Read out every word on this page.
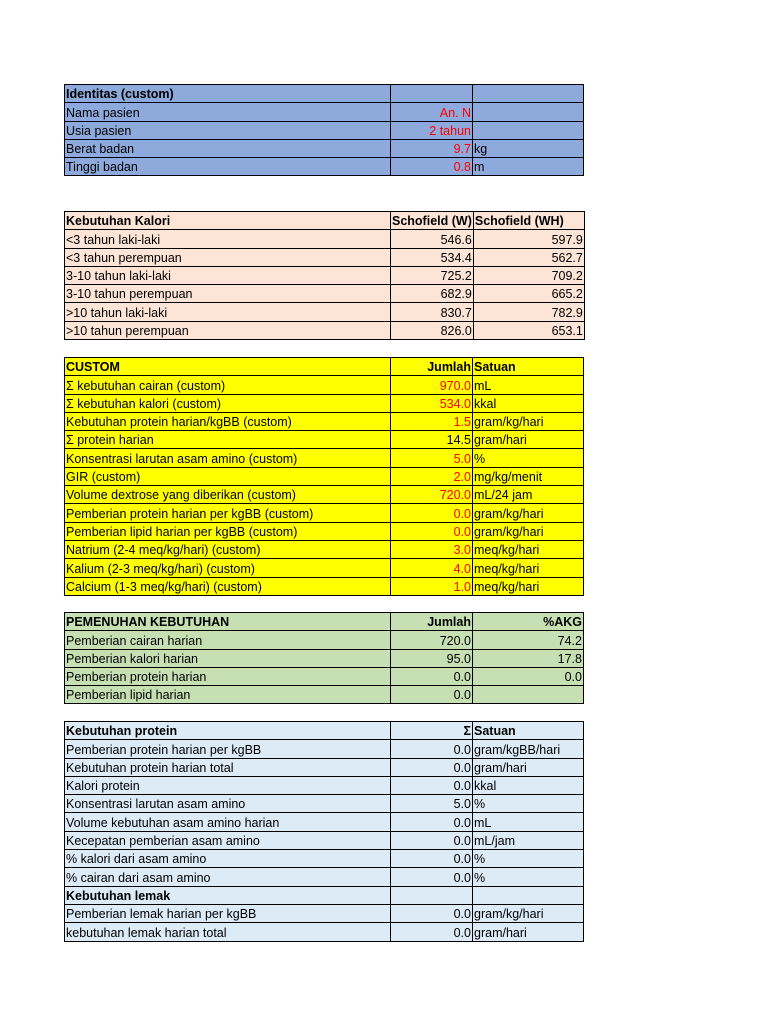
Identitas (custom)		
Nama pasien	An. N	
Usia pasien	2 tahun	
Berat badan	9.7	kg
Tinggi badan	0.8	m
Kebutuhan Kalori	Schofield (W)	Schofield (WH)
<3 tahun laki-laki	546.6	597.9
<3 tahun perempuan	534.4	562.7
3-10 tahun laki-laki	725.2	709.2
3-10 tahun perempuan	682.9	665.2
>10 tahun laki-laki	830.7	782.9
>10 tahun perempuan	826.0	653.1
CUSTOM	Jumlah	Satuan
Σ kebutuhan cairan (custom)	970.0	mL
Σ kebutuhan kalori (custom)	534.0	kkal
Kebutuhan protein harian/kgBB (custom)	1.5	gram/kg/hari
Σ protein harian	14.5	gram/hari
Konsentrasi larutan asam amino (custom)	5.0	%
GIR (custom)	2.0	mg/kg/menit
Volume dextrose yang diberikan (custom)	720.0	mL/24 jam
Pemberian protein harian per kgBB (custom)	0.0	gram/kg/hari
Pemberian lipid harian per kgBB (custom)	0.0	gram/kg/hari
Natrium (2-4 meq/kg/hari) (custom)	3.0	meq/kg/hari
Kalium (2-3 meq/kg/hari) (custom)	4.0	meq/kg/hari
Calcium (1-3 meq/kg/hari) (custom)	1.0	meq/kg/hari
PEMENUHAN KEBUTUHAN	Jumlah	%AKG
Pemberian cairan harian	720.0	74.2
Pemberian kalori harian	95.0	17.8
Pemberian protein harian	0.0	0.0
Pemberian lipid harian	0.0	
Kebutuhan protein	Σ	Satuan
Pemberian protein harian per kgBB	0.0	gram/kgBB/hari
Kebutuhan protein harian total	0.0	gram/hari
Kalori protein	0.0	kkal
Konsentrasi larutan asam amino	5.0	%
Volume kebutuhan asam amino harian	0.0	mL
Kecepatan pemberian asam amino	0.0	mL/jam
% kalori dari asam amino	0.0	%
% cairan dari asam amino	0.0	%
Kebutuhan lemak		
Pemberian lemak harian per kgBB	0.0	gram/kg/hari
kebutuhan lemak harian total	0.0	gram/hari
